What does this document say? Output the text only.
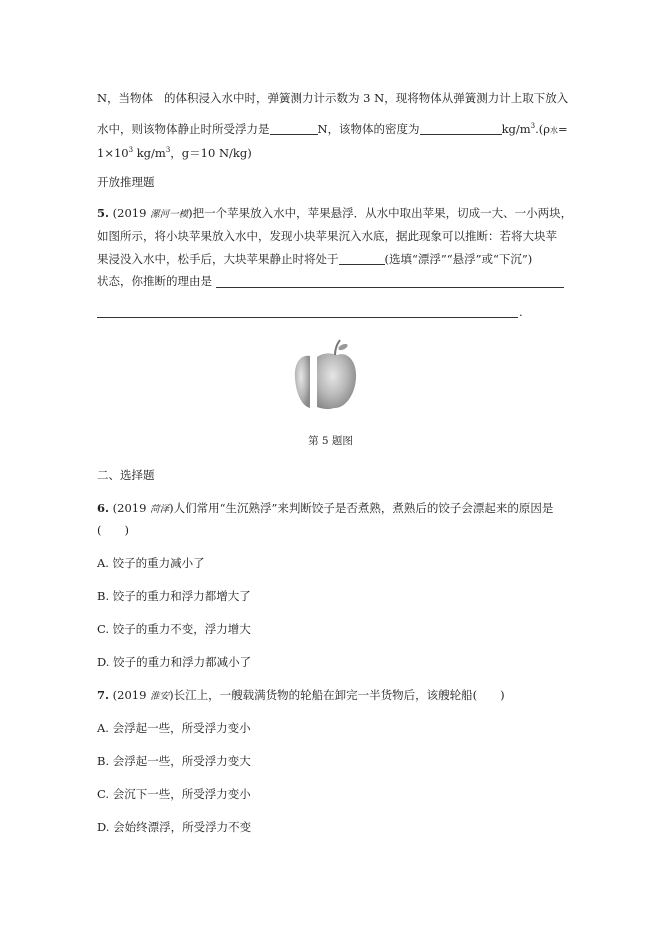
N，当物体 的体积浸入水中时，弹簧测力计示数为 3 N，现将物体从弹簧测力计上取下放入
水中，则该物体静止时所受浮力是	N，该物体的密度为	$kg/m^3.(\rho$水=
$1\times 10^3$ $kg/m^3$，g＝10 N/kg)
开放推理题
5. (2019 漯河一模)把一个苹果放入水中，苹果悬浮．从水中取出苹果，切成一大、一小两块，
如图所示，将小块苹果放入水中，发现小块苹果沉入水底，据此现象可以推断：若将大块苹
果浸没入水中，松手后，大块苹果静止时将处于	(选填“漂浮”“悬浮”或“下沉”)
状态，你推断的理由是
.
第 5 题图
二、选择题
6. (2019 菏泽)人们常用“生沉熟浮”来判断饺子是否煮熟，煮熟后的饺子会漂起来的原因是
(　　)
A. 饺子的重力减小了
B. 饺子的重力和浮力都增大了
C. 饺子的重力不变，浮力增大
D. 饺子的重力和浮力都减小了
7. (2019 淮安)长江上，一艘载满货物的轮船在卸完一半货物后，该艘轮船(　　)
A. 会浮起一些，所受浮力变小
B. 会浮起一些，所受浮力变大
C. 会沉下一些，所受浮力变小
D. 会始终漂浮，所受浮力不变
